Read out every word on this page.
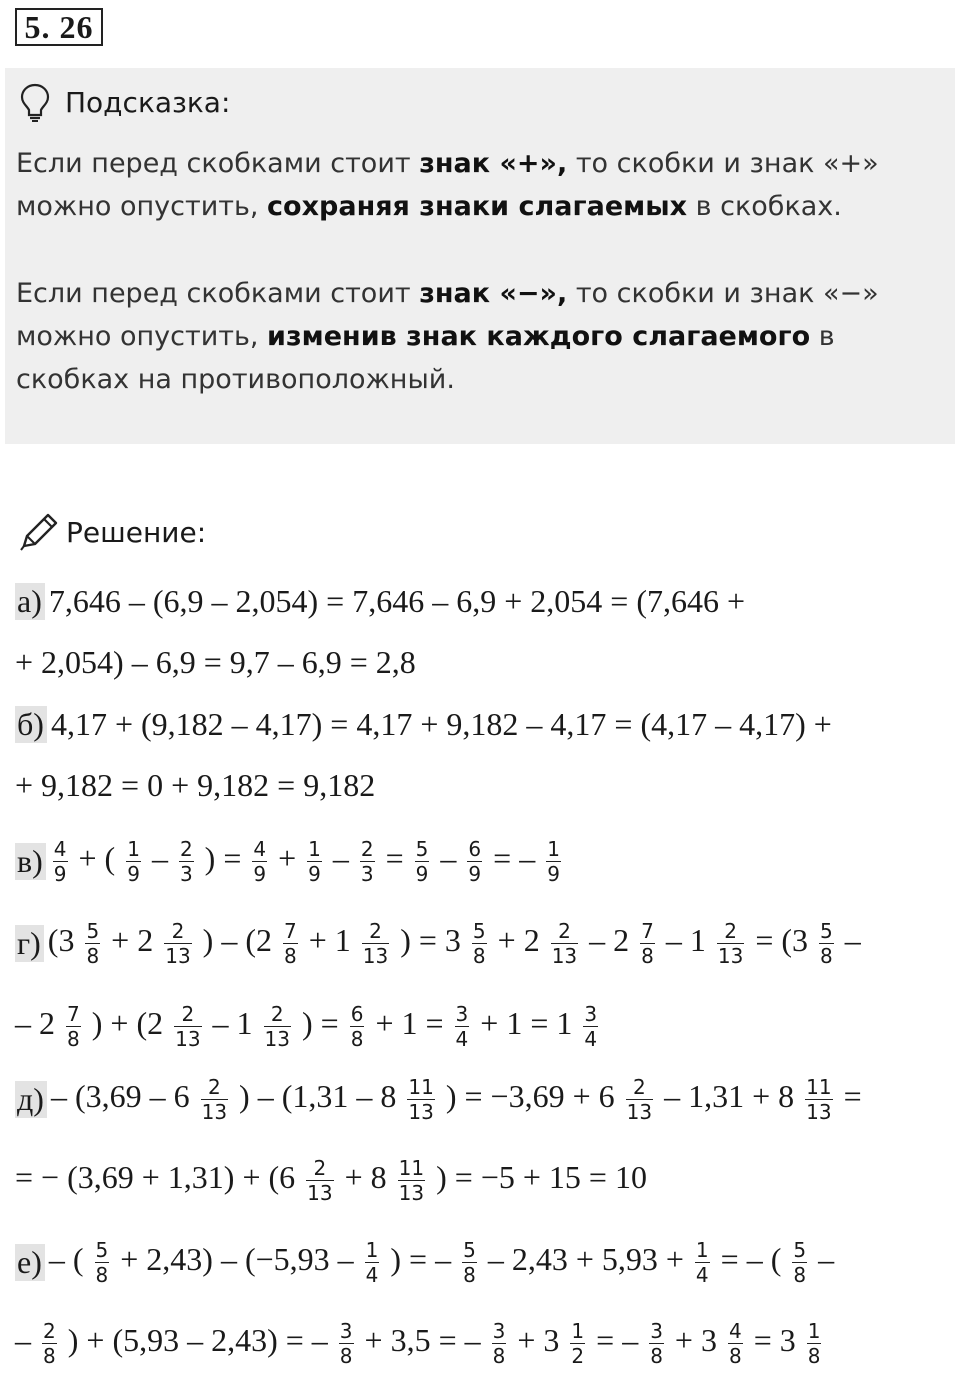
5. 26
Подсказка:

Если перед скобками стоит знак «+», то скобки и знак «+» можно опустить, сохраняя знаки слагаемых в скобках.

Если перед скобками стоит знак «−», то скобки и знак «−» можно опустить, изменив знак каждого слагаемого в скобках на противоположный.

Решение:
а) 7,646 – (6,9 – 2,054) = 7,646 – 6,9 + 2,054 = (7,646 +
+ 2,054) – 6,9 = 9,7 – 6,9 = 2,8
б) 4,17 + (9,182 – 4,17) = 4,17 + 9,182 – 4,17 = (4,17 – 4,17) +
+ 9,182 = 0 + 9,182 = 9,182
$в) \frac{4}{9}$ + ( $\frac{1}{9} - \frac{2}{3}$ ) = $\frac{4}{9} + \frac{1}{9} - \frac{2}{3} = \frac{5}{9} - \frac{6}{9}$ = – $\frac{1}{9}$
г) ($3 \frac{5}{8} + 2 \frac{2}{13}$ ) – ($2 \frac{7}{8} + 1 \frac{2}{13}$ ) = $3 \frac{5}{8} + 2 \frac{2}{13} - 2 \frac{7}{8} - 1 \frac{2}{13} = (3 \frac{5}{8}$ –
– $2 \frac{7}{8}$ ) + ($2 \frac{2}{13} - 1 \frac{2}{13}$ ) = $\frac{6}{8} + 1 = \frac{3}{4} + 1 = 1 \frac{3}{4}$
$д) - (3,69 - 6 \frac{2}{13}$ ) – ($1,31 - 8 \frac{11}{13}$ ) = $-3,69 + 6 \frac{2}{13} - 1,31 + 8 \frac{11}{13}$ =
= − $(3,69 + 1,31) + (6 \frac{2}{13} + 8 \frac{11}{13}$ ) = −5 + 15 = 10
е) – ( $\frac{5}{8} + 2,43) - (-5,93 - \frac{1}{4}$ ) = – $\frac{5}{8} - 2,43 + 5,93 + \frac{1}{4}$ = – ( $\frac{5}{8}$ –
– $\frac{2}{8}$ ) + (5,93 – 2,43) = – $\frac{3}{8} + 3,5$ = – $\frac{3}{8} + 3 \frac{1}{2}$ = – $\frac{3}{8} + 3 \frac{4}{8} = 3 \frac{1}{8}$
